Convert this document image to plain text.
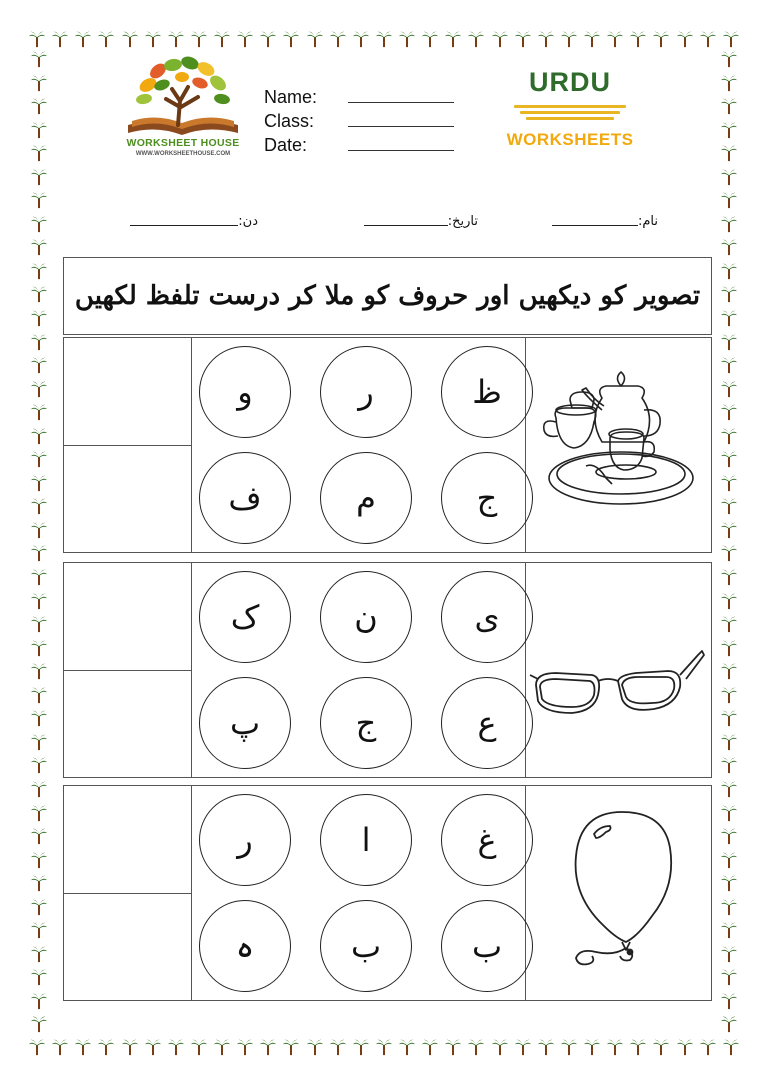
WORKSHEET HOUSE
WWW.WORKSHEETHOUSE.COM
Name:
Class:
Date:
URDU
WORKSHEETS
نام:
تاریخ:
دن:
تصویر کو دیکھیں اور حروف کو ملا کر درست تلفظ لکھیں
ظ
ر
و
ج
م
ف
ی
ن
ک
ع
ج
پ
غ
ا
ر
ب
ب
ہ
